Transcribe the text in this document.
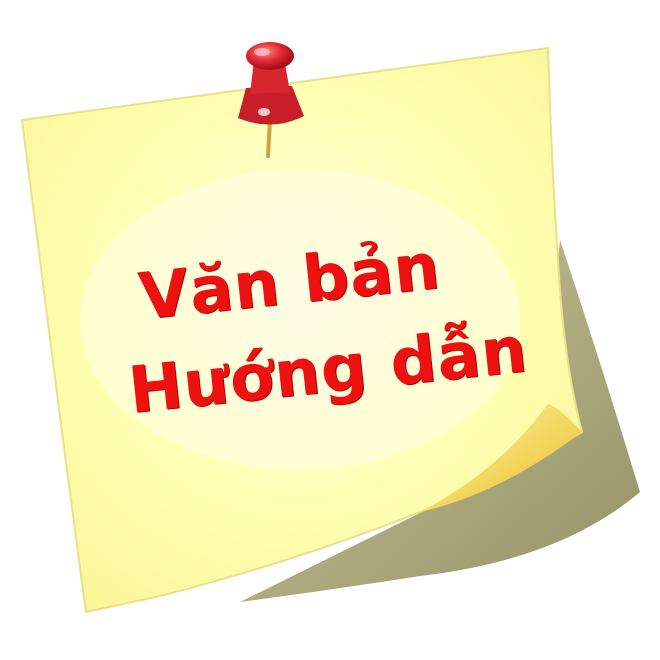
Văn bản
Hướng dẫn
